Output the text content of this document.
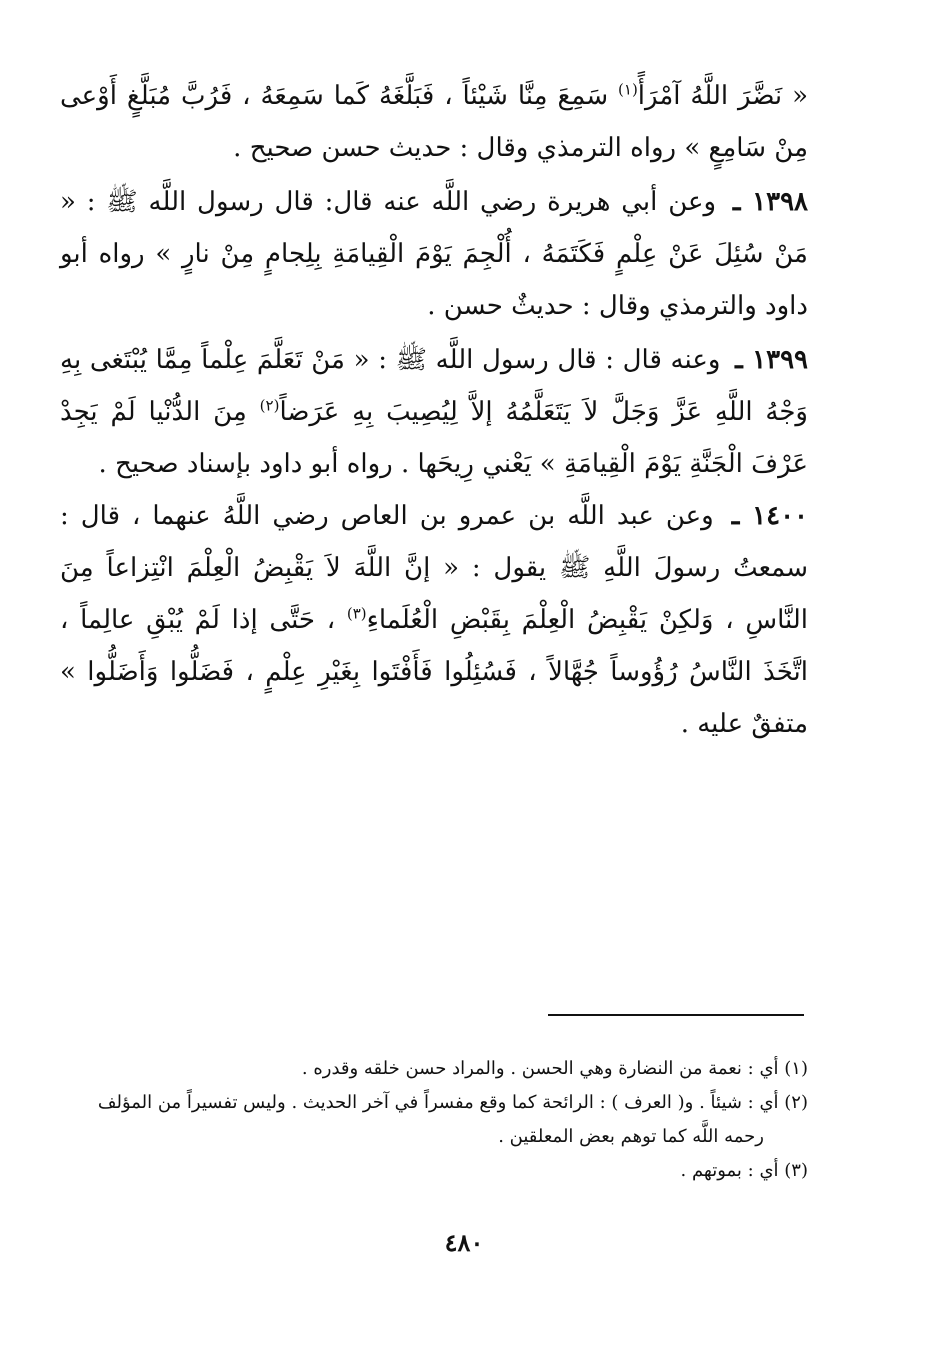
« نَضَّرَ اللَّهُ آمْرَأً$^{(١)}$ سَمِعَ مِنَّا شَيْئاً ، فَبَلَّغَهُ كَما سَمِعَهُ ، فَرُبَّ مُبَلَّغٍ أَوْعى مِنْ سَامِعٍ » رواه الترمذي وقال : حديث حسن صحيح .

١٣٩٨ ـ وعن أبي هريرة رضي اللَّه عنه قال: قال رسول اللَّه ﷺ : « مَنْ سُئِلَ عَنْ عِلْمٍ فَكَتَمَهُ ، أُلْجِمَ يَوْمَ الْقِيامَةِ بِلِجامٍ مِنْ نارٍ » رواه أبو داود والترمذي وقال : حديثٌ حسن .

١٣٩٩ ـ وعنه قال : قال رسول اللَّه ﷺ : « مَنْ تَعَلَّمَ عِلْماً مِمَّا يُبْتَغى بِهِ وَجْهُ اللَّهِ عَزَّ وَجَلَّ لاَ يَتَعَلَّمُهُ إلاَّ لِيُصِيبَ بِهِ عَرَضاً$^{(٢)}$ مِنَ الدُّنْيا لَمْ يَجِدْ عَرْفَ الْجَنَّةِ يَوْمَ الْقِيامَةِ » يَعْني رِيحَها . رواه أبو داود بإسناد صحيح .

١٤٠٠ ـ وعن عبد اللَّه بن عمرو بن العاص رضي اللَّهُ عنهما ، قال : سمعتُ رسولَ اللَّهِ ﷺ يقول : « إنَّ اللَّهَ لاَ يَقْبِضُ الْعِلْمَ انْتِزاعاً مِنَ النَّاسِ ، وَلكِنْ يَقْبِضُ الْعِلْمَ بِقَبْضِ الْعُلَماءِ$^{(٣)}$ ، حَتَّى إذا لَمْ يُبْقِ عالِماً ، اتَّخَذَ النَّاسُ رُؤُوساً جُهَّالاً ، فَسُئِلُوا فَأَفْتَوا بِغَيْرِ عِلْمٍ ، فَضَلُّوا وَأَضَلُّوا » متفقٌ عليه .

(١) أي : نعمة من النضارة وهي الحسن . والمراد حسن خلقه وقدره .

(٢) أي : شيئاً . و( العرف ) : الرائحة كما وقع مفسراً في آخر الحديث . وليس تفسيراً من المؤلف

رحمه اللَّه كما توهم بعض المعلقين .

(٣) أي : بموتهم .

٤٨٠
